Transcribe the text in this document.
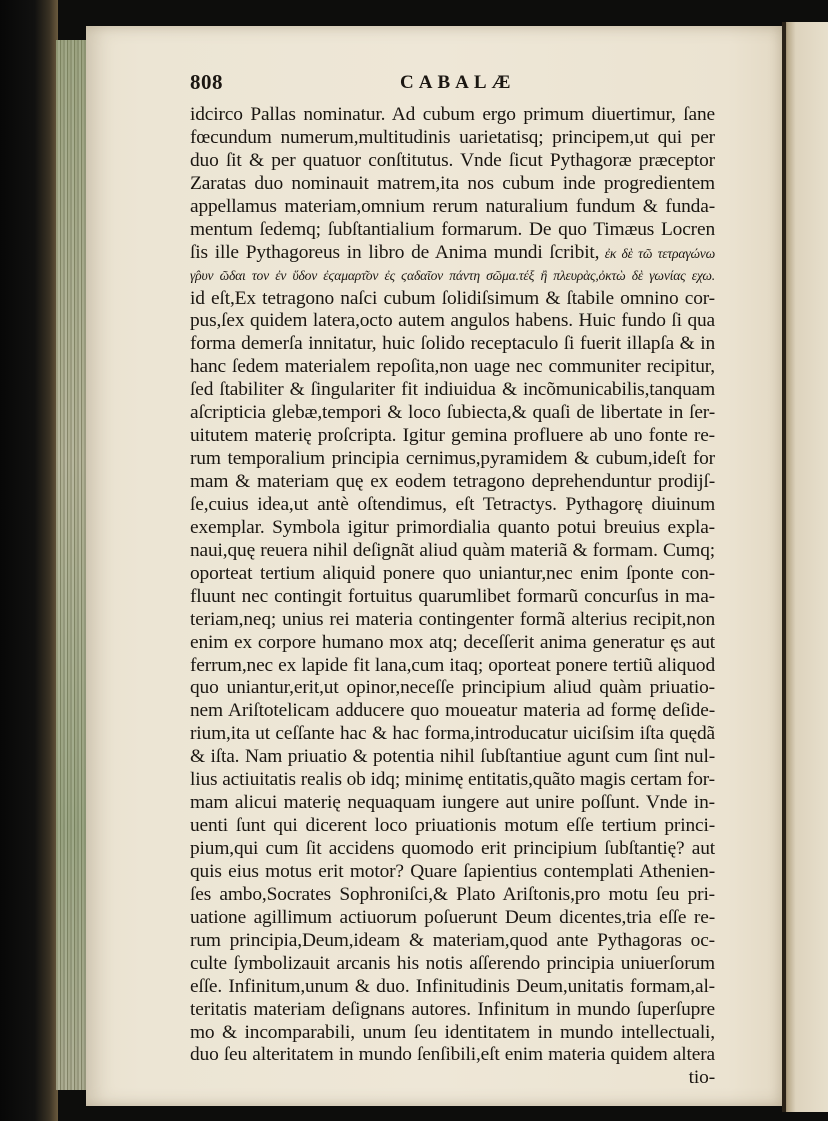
808	CABALÆ
idcirco Pallas nominatur. Ad cubum ergo primum diuertimur, ſane
fœcundum numerum,multitudinis uarietatisq; principem,ut qui per
duo ſit & per quatuor conſtitutus. Vnde ſicut Pythagoræ præceptor
Zaratas duo nominauit matrem,ita nos cubum inde progredientem
appellamus materiam,omnium rerum naturalium fundum & funda-
mentum ſedemq; ſubſtantialium formarum. De quo Timæus Locren
ſis ille Pythagoreus in libro de Anima mundi ſcribit, ἐκ δὲ τῶ τετραγώνω
γ̂ρυν ῶδαι τον ἐν ὕδον ἐϛαμαρτ͂ον ἐς ϛαδαῖον πάντη σῶμα.τέξ ἢ πλευρὰς,ὀκτὼ δὲ γωνίας εχω.
id eſt,Ex tetragono naſci cubum ſolidiſsimum & ſtabile omnino cor-
pus,ſex quidem latera,octo autem angulos habens. Huic fundo ſi qua
forma demerſa innitatur, huic ſolido receptaculo ſi fuerit illapſa & in
hanc ſedem materialem repoſita,non uage nec communiter recipitur,
ſed ſtabiliter & ſingulariter fit indiuidua & incõmunicabilis,tanquam
aſcripticia glebæ,tempori & loco ſubiecta,& quaſi de libertate in ſer-
uitutem materię proſcripta. Igitur gemina profluere ab uno fonte re-
rum temporalium principia cernimus,pyramidem & cubum,ideſt for
mam & materiam quę ex eodem tetragono deprehenduntur prodijſ-
ſe,cuius idea,ut antè oſtendimus, eſt Tetractys. Pythagorę diuinum
exemplar. Symbola igitur primordialia quanto potui breuius expla-
naui,quę reuera nihil deſignãt aliud quàm materiã & formam. Cumq;
oporteat tertium aliquid ponere quo uniantur,nec enim ſponte con-
fluunt nec contingit fortuitus quarumlibet formarũ concurſus in ma-
teriam,neq; unius rei materia contingenter formã alterius recipit,non
enim ex corpore humano mox atq; deceſſerit anima generatur ęs aut
ferrum,nec ex lapide fit lana,cum itaq; oporteat ponere tertiũ aliquod
quo uniantur,erit,ut opinor,neceſſe principium aliud quàm priuatio-
nem Ariſtotelicam adducere quo moueatur materia ad formę deſide-
rium,ita ut ceſſante hac & hac forma,introducatur uiciſsim iſta quędã
& iſta. Nam priuatio & potentia nihil ſubſtantiue agunt cum ſint nul-
lius actiuitatis realis ob idq; minimę entitatis,quãto magis certam for-
mam alicui materię nequaquam iungere aut unire poſſunt. Vnde in-
uenti ſunt qui dicerent loco priuationis motum eſſe tertium princi-
pium,qui cum ſit accidens quomodo erit principium ſubſtantię? aut
quis eius motus erit motor? Quare ſapientius contemplati Athenien-
ſes ambo,Socrates Sophroniſci,& Plato Ariſtonis,pro motu ſeu pri-
uatione agillimum actiuorum poſuerunt Deum dicentes,tria eſſe re-
rum principia,Deum,ideam & materiam,quod ante Pythagoras oc-
culte ſymbolizauit arcanis his notis aſſerendo principia uniuerſorum
eſſe. Infinitum,unum & duo. Infinitudinis Deum,unitatis formam,al-
teritatis materiam deſignans autores. Infinitum in mundo ſuperſupre
mo & incomparabili, unum ſeu identitatem in mundo intellectuali,
duo ſeu alteritatem in mundo ſenſibili,eſt enim materia quidem altera
tio-
